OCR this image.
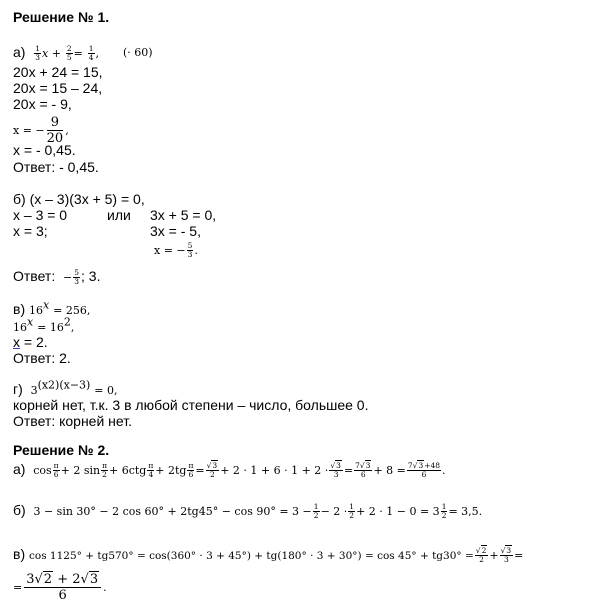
Решение № 1.
$а) \frac{1}{3}$ $x + \frac{2}{5} = \frac{1}{4}$ , (· 60)
20x + 24 = 15,
20x = 15 – 24,
20x = - 9,
x = − $\frac{9}{20}$ ,
x = - 0,45.
Ответ: - 0,45.
б) (x – 3)(3x + 5) = 0,
x – 3 = 0	или 3x + 5 = 0,
x = 3;	3x = - 5,
x = − $\frac{5}{3}$ .
Ответ: − $\frac{5}{3}$ ; 3.
в) $16^x = 256$,
$16^x = 16^2$,
x = 2.
Ответ: 2.
г) $3^{(x2)(x-3)} = 0$,
корней нет, т.к. 3 в любой степени – число, большее 0.
Ответ: корней нет.
Решение № 2.
а) $\cos \frac{\pi}{6} + 2$ $\sin \frac{\pi}{2} + 6ctg \frac{\pi}{4} + 2tg \frac{\pi}{6} = \frac{√3}{2} + 2 \cdot 1 + 6 \cdot 1 + 2 \cdot \frac{√3}{3} = \frac{7√3}{6} + 8 = \frac{7√3+48}{6}$ .
б) 3 − sin 30° − 2 $\cos 60^\circ + 2tg45^\circ - \cos 90^\circ = 3 - \frac{1}{2} - 2 \cdot \frac{1}{2} + 2 \cdot 1 - 0 = 3 \frac{1}{2} = 3,5$.
в) $\cos 1125^\circ + tg570^\circ = \cos(360^\circ \cdot 3 + 45^\circ) + tg(180^\circ \cdot 3 + 30^\circ) = \cos 45^\circ + tg30^\circ = \frac{√2}{2} + \frac{√3}{3}$ =
= $\frac{3√2 + 2√3}{6}$ .
